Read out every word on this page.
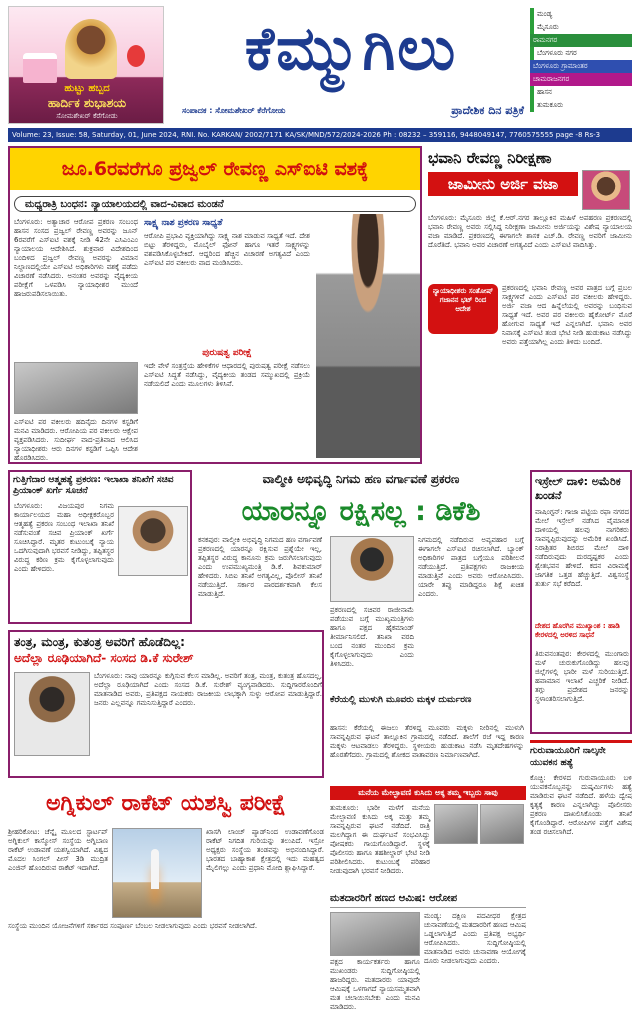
ಹುಟ್ಟು ಹಬ್ಬದ
ಹಾರ್ದಿಕ ಶುಭಾಶಯ
ಸೋಮಶೇಖರ್ ಕೆರೆಗೋಡು
ಕೆಮ್ಮುಗಿಲು
ಸಂಪಾದಕ : ಸೋಮಶೇಖರ್ ಕೆರೆಗೋಡು	ಪ್ರಾದೇಶಿಕ ದಿನ ಪತ್ರಿಕೆ
ಮಂಡ್ಯ
ಮೈಸೂರು
ರಾಮನಗರ
ಬೆಂಗಳೂರು ನಗರ
ಬೆಂಗಳೂರು ಗ್ರಾಮಾಂತರ
ಚಾಮರಾಜನಗರ
ಹಾಸನ
ತುಮಕೂರು
Volume: 23, Issue: 58, Saturday, 01, June 2024, RNI. No. KARKAN/ 2002/7171 KA/SK/MND/572/2024-2026 Ph : 08232 – 359116, 9448049147, 7760575555 page -8 Rs-3
ಜೂ.6ರವರೆಗೂ ಪ್ರಜ್ವಲ್ ರೇವಣ್ಣ ಎಸ್ಐಟಿ ವಶಕ್ಕೆ
ಮಧ್ಯರಾತ್ರಿ ಬಂಧನ: ನ್ಯಾಯಾಲಯದಲ್ಲಿ ವಾದ-ವಿವಾದ ಮಂಡನೆ
ಬೆಂಗಳೂರು: ಅತ್ಯಾಚಾರ ಆರೋಪ ಪ್ರಕರಣ ಸಂಬಂಧ ಹಾಸನ ಸಂಸದ ಪ್ರಜ್ವಲ್ ರೇವಣ್ಣ ಅವರನ್ನು ಜೂನ್ 6ರವರೆಗೆ ಎಸ್ಐಟಿ ವಶಕ್ಕೆ ನೀಡಿ 42ನೇ ಎಸಿಎಂಎಂ ನ್ಯಾಯಾಲಯ ಆದೇಶಿಸಿದೆ. ಶುಕ್ರವಾರ ವಿದೇಶದಿಂದ ಬಂದಿಳಿದ ಪ್ರಜ್ವಲ್ ರೇವಣ್ಣ ಅವರನ್ನು ವಿಮಾನ ನಿಲ್ದಾಣದಲ್ಲಿಯೇ ಎಸ್ಐಟಿ ಅಧಿಕಾರಿಗಳು ವಶಕ್ಕೆ ಪಡೆದು ವಿಚಾರಣೆ ನಡೆಸಿದರು. ಅನಂತರ ಅವರನ್ನು ವೈದ್ಯಕೀಯ ಪರೀಕ್ಷೆಗೆ ಒಳಪಡಿಸಿ ನ್ಯಾಯಾಧೀಶರ ಮುಂದೆ ಹಾಜರುಪಡಿಸಲಾಯಿತು.
ಎಸ್ಐಟಿ ಪರ ವಕೀಲರು ಹದಿನೈದು ದಿನಗಳ ಕಸ್ಟಡಿಗೆ ಮನವಿ ಮಾಡಿದರು. ಆರೋಪಿಯ ಪರ ವಕೀಲರು ಆಕ್ಷೇಪ ವ್ಯಕ್ತಪಡಿಸಿದರು. ಸುದೀರ್ಘ ವಾದ-ಪ್ರತಿವಾದ ಆಲಿಸಿದ ನ್ಯಾಯಾಧೀಶರು ಆರು ದಿನಗಳ ಕಸ್ಟಡಿಗೆ ಒಪ್ಪಿಸಿ ಆದೇಶ ಹೊರಡಿಸಿದರು.
ಸಾಕ್ಷ್ಯ ನಾಶ ಪ್ರಕರಣ ಸಾಧ್ಯತೆ
ಆರೋಪಿ ಪ್ರಭಾವಿ ವ್ಯಕ್ತಿಯಾಗಿದ್ದು ಸಾಕ್ಷ್ಯ ನಾಶ ಮಾಡುವ ಸಾಧ್ಯತೆ ಇದೆ. ದೇಶ ಬಿಟ್ಟು ತೆರಳಿದ್ದರು, ಮೊಬೈಲ್ ಫೋನ್ ಹಾಗೂ ಇತರೆ ಸಾಕ್ಷ್ಯಗಳನ್ನು ವಶಪಡಿಸಿಕೊಳ್ಳಬೇಕಿದೆ. ಆದ್ದರಿಂದ ಹೆಚ್ಚಿನ ವಿಚಾರಣೆ ಅಗತ್ಯವಿದೆ ಎಂದು ಎಸ್ಐಟಿ ಪರ ವಕೀಲರು ವಾದ ಮಂಡಿಸಿದರು.
ಪುರುಷತ್ವ ಪರೀಕ್ಷೆ
ಇದೇ ವೇಳೆ ಸಂತ್ರಸ್ತೆಯ ಹೇಳಿಕೆಗಳ ಆಧಾರದಲ್ಲಿ ಪುರುಷತ್ವ ಪರೀಕ್ಷೆ ನಡೆಸಲು ಎಸ್ಐಟಿ ಸಿದ್ಧತೆ ನಡೆಸಿದ್ದು, ವೈದ್ಯಕೀಯ ತಂಡದ ಸಮ್ಮುಖದಲ್ಲಿ ಪ್ರಕ್ರಿಯೆ ನಡೆಯಲಿದೆ ಎಂದು ಮೂಲಗಳು ತಿಳಿಸಿವೆ.
ಭವಾನಿ ರೇವಣ್ಣ ನಿರೀಕ್ಷಣಾ
ಜಾಮೀನು ಅರ್ಜಿ ವಜಾ
ಬೆಂಗಳೂರು: ಮೈಸೂರು ಜಿಲ್ಲೆ ಕೆ.ಆರ್.ನಗರ ತಾಲ್ಲೂಕಿನ ಮಹಿಳೆ ಅಪಹರಣ ಪ್ರಕರಣದಲ್ಲಿ ಭವಾನಿ ರೇವಣ್ಣ ಅವರು ಸಲ್ಲಿಸಿದ್ದ ನಿರೀಕ್ಷಣಾ ಜಾಮೀನು ಅರ್ಜಿಯನ್ನು ವಿಶೇಷ ನ್ಯಾಯಾಲಯ ವಜಾ ಮಾಡಿದೆ. ಪ್ರಕರಣದಲ್ಲಿ ಈಗಾಗಲೇ ಶಾಸಕ ಎಚ್.ಡಿ. ರೇವಣ್ಣ ಅವರಿಗೆ ಜಾಮೀನು ದೊರೆತಿದೆ. ಭವಾನಿ ಅವರ ವಿಚಾರಣೆ ಅಗತ್ಯವಿದೆ ಎಂದು ಎಸ್ಐಟಿ ವಾದಿಸಿತ್ತು.
ನ್ಯಾಯಾಧೀಶರು ಸಂತೋಷ್ ಗಜಾನನ ಭಟ್ ರಿಂದ ಆದೇಶ
ಪ್ರಕರಣದಲ್ಲಿ ಭವಾನಿ ರೇವಣ್ಣ ಅವರ ಪಾತ್ರದ ಬಗ್ಗೆ ಪ್ರಬಲ ಸಾಕ್ಷ್ಯಗಳಿವೆ ಎಂದು ಎಸ್ಐಟಿ ಪರ ವಕೀಲರು ಹೇಳಿದ್ದರು. ಅರ್ಜಿ ವಜಾ ಆದ ಹಿನ್ನೆಲೆಯಲ್ಲಿ ಅವರನ್ನು ಬಂಧಿಸುವ ಸಾಧ್ಯತೆ ಇದೆ. ಅವರ ಪರ ವಕೀಲರು ಹೈಕೋರ್ಟ್ ಮೊರೆ ಹೋಗುವ ಸಾಧ್ಯತೆ ಇದೆ ಎನ್ನಲಾಗಿದೆ. ಭವಾನಿ ಅವರ ನಿವಾಸಕ್ಕೆ ಎಸ್ಐಟಿ ತಂಡ ಭೇಟಿ ನೀಡಿ ಹುಡುಕಾಟ ನಡೆಸಿದ್ದು ಅವರು ಪತ್ತೆಯಾಗಿಲ್ಲ ಎಂದು ತಿಳಿದು ಬಂದಿದೆ.
ಗುತ್ತಿಗೆದಾರ ಆತ್ಮಹತ್ಯೆ ಪ್ರಕರಣ: ಇಲಾಖಾ ತನಿಖೆಗೆ ಸಚಿವ ಪ್ರಿಯಾಂಕ್ ಖರ್ಗೆ ಸೂಚನೆ
ಬೆಂಗಳೂರು: ವಿಜಯಪುರ ನಿಗಮ ಕಾರ್ಯಾಲಯದ ಮಹಾ ಅಧೀಕ್ಷಕರೊಬ್ಬರ ಆತ್ಮಹತ್ಯೆ ಪ್ರಕರಣ ಸಂಬಂಧ ಇಲಾಖಾ ತನಿಖೆ ನಡೆಸುವಂತೆ ಸಚಿವ ಪ್ರಿಯಾಂಕ್ ಖರ್ಗೆ ಸೂಚಿಸಿದ್ದಾರೆ. ಮೃತರ ಕುಟುಂಬಕ್ಕೆ ನ್ಯಾಯ ಒದಗಿಸುವುದಾಗಿ ಭರವಸೆ ನೀಡಿದ್ದು, ತಪ್ಪಿತಸ್ಥರ ವಿರುದ್ಧ ಕಠಿಣ ಕ್ರಮ ಕೈಗೊಳ್ಳಲಾಗುವುದು ಎಂದು ಹೇಳಿದರು.
ವಾಲ್ಮೀಕಿ ಅಭಿವೃದ್ಧಿ ನಿಗಮ ಹಣ ವರ್ಗಾವಣೆ ಪ್ರಕರಣ
ಯಾರನ್ನೂ ರಕ್ಷಿಸಲ್ಲ : ಡಿಕೆಶಿ
ಕನಕಪುರ: ವಾಲ್ಮೀಕಿ ಅಭಿವೃದ್ಧಿ ನಿಗಮದ ಹಣ ವರ್ಗಾವಣೆ ಪ್ರಕರಣದಲ್ಲಿ ಯಾರನ್ನೂ ರಕ್ಷಿಸುವ ಪ್ರಶ್ನೆಯೇ ಇಲ್ಲ, ತಪ್ಪಿತಸ್ಥರ ವಿರುದ್ಧ ಕಾನೂನು ಕ್ರಮ ಜರುಗಿಸಲಾಗುವುದು ಎಂದು ಉಪಮುಖ್ಯಮಂತ್ರಿ ಡಿ.ಕೆ. ಶಿವಕುಮಾರ್ ಹೇಳಿದರು. ಸಿಬಿಐ ತನಿಖೆ ಅಗತ್ಯವಿಲ್ಲ, ಪೊಲೀಸ್ ತನಿಖೆ ನಡೆಯುತ್ತಿದೆ. ಸರ್ಕಾರ ಪಾರದರ್ಶಕವಾಗಿ ಕೆಲಸ ಮಾಡುತ್ತಿದೆ.
ನಿಗಮದಲ್ಲಿ ನಡೆದಿರುವ ಅವ್ಯವಹಾರ ಬಗ್ಗೆ ಈಗಾಗಲೇ ಎಸ್ಐಟಿ ರಚಿಸಲಾಗಿದೆ. ಬ್ಯಾಂಕ್ ಅಧಿಕಾರಿಗಳ ಪಾತ್ರದ ಬಗ್ಗೆಯೂ ಪರಿಶೀಲನೆ ನಡೆಯುತ್ತಿದೆ. ಪ್ರತಿಪಕ್ಷಗಳು ರಾಜಕೀಯ ಮಾಡುತ್ತಿವೆ ಎಂದು ಅವರು ಆರೋಪಿಸಿದರು. ಯಾರೇ ತಪ್ಪು ಮಾಡಿದ್ದರೂ ಶಿಕ್ಷೆ ಖಚಿತ ಎಂದರು.
ಪ್ರಕರಣದಲ್ಲಿ ಸಚಿವರ ರಾಜೀನಾಮೆ ಪಡೆಯುವ ಬಗ್ಗೆ ಮುಖ್ಯಮಂತ್ರಿಗಳು ಹಾಗೂ ಪಕ್ಷದ ಹೈಕಮಾಂಡ್ ತೀರ್ಮಾನಿಸಲಿದೆ. ತನಿಖಾ ವರದಿ ಬಂದ ನಂತರ ಮುಂದಿನ ಕ್ರಮ ಕೈಗೊಳ್ಳಲಾಗುವುದು ಎಂದು ತಿಳಿಸಿದರು.
ಇಸ್ರೇಲ್ ದಾಳಿ: ಅಮೆರಿಕ ಖಂಡನೆ
ವಾಷಿಂಗ್ಟನ್: ಗಾಜಾ ಪಟ್ಟಿಯ ರಫಾ ನಗರದ ಮೇಲೆ ಇಸ್ರೇಲ್ ನಡೆಸಿದ ವೈಮಾನಿಕ ದಾಳಿಯಲ್ಲಿ ಹಲವು ನಾಗರಿಕರು ಸಾವನ್ನಪ್ಪಿರುವುದನ್ನು ಅಮೆರಿಕ ಖಂಡಿಸಿದೆ. ನಿರಾಶ್ರಿತರ ಶಿಬಿರದ ಮೇಲೆ ದಾಳಿ ನಡೆದಿರುವುದು ದುರದೃಷ್ಟಕರ ಎಂದು ಶ್ವೇತಭವನ ಹೇಳಿದೆ. ಕದನ ವಿರಾಮಕ್ಕೆ ಜಾಗತಿಕ ಒತ್ತಡ ಹೆಚ್ಚುತ್ತಿದೆ. ವಿಶ್ವಸಂಸ್ಥೆ ತುರ್ತು ಸಭೆ ಕರೆದಿದೆ.
ದೇಶದ ಹೊರಗಿನ ಮುಖ್ಯಾಂಶ : ಹಾಡಿ ಕೇರಳದಲ್ಲಿ ಅರಳಿದ ಸಾಧನೆ
ತಿರುವನಂತಪುರ: ಕೇರಳದಲ್ಲಿ ಮುಂಗಾರು ಮಳೆ ಚುರುಕುಗೊಂಡಿದ್ದು ಹಲವು ಜಿಲ್ಲೆಗಳಲ್ಲಿ ಭಾರೀ ಮಳೆ ಸುರಿಯುತ್ತಿದೆ. ಹವಾಮಾನ ಇಲಾಖೆ ಎಚ್ಚರಿಕೆ ನೀಡಿದೆ. ತಗ್ಗು ಪ್ರದೇಶದ ಜನರನ್ನು ಸ್ಥಳಾಂತರಿಸಲಾಗುತ್ತಿದೆ.
ತಂತ್ರ, ಮಂತ್ರ, ಕುತಂತ್ರ ಅವರಿಗೆ ಹೊಡೆದಿಲ್ಲ:
ಅದೆಲ್ಲಾ ರೂಢಿಯಾಗಿದೆ- ಸಂಸದ ಡಿ.ಕೆ ಸುರೇಶ್
ಬೆಂಗಳೂರು: ನಾವು ಯಾರನ್ನೂ ಕುಗ್ಗಿಸುವ ಕೆಲಸ ಮಾಡಿಲ್ಲ. ಅವರಿಗೆ ತಂತ್ರ, ಮಂತ್ರ, ಕುತಂತ್ರ ಹೊಸದಲ್ಲ, ಅದೆಲ್ಲಾ ರೂಢಿಯಾಗಿದೆ ಎಂದು ಸಂಸದ ಡಿ.ಕೆ. ಸುರೇಶ್ ವ್ಯಂಗ್ಯವಾಡಿದರು. ಸುದ್ದಿಗಾರರೊಂದಿಗೆ ಮಾತನಾಡಿದ ಅವರು, ಪ್ರತಿಪಕ್ಷದ ನಾಯಕರು ರಾಜಕೀಯ ಲಾಭಕ್ಕಾಗಿ ಸುಳ್ಳು ಆರೋಪ ಮಾಡುತ್ತಿದ್ದಾರೆ. ಜನರು ಎಲ್ಲವನ್ನೂ ಗಮನಿಸುತ್ತಿದ್ದಾರೆ ಎಂದರು.	ಕೆರೆಯಲ್ಲಿ ಮುಳುಗಿ ಮೂವರು ಮಕ್ಕಳ ದುರ್ಮರಣ
ಹಾಸನ: ಕೆರೆಯಲ್ಲಿ ಈಜಲು ತೆರಳಿದ್ದ ಮೂವರು ಮಕ್ಕಳು ನೀರಿನಲ್ಲಿ ಮುಳುಗಿ ಸಾವನ್ನಪ್ಪಿರುವ ಘಟನೆ ತಾಲ್ಲೂಕಿನ ಗ್ರಾಮದಲ್ಲಿ ನಡೆದಿದೆ. ಶಾಲೆಗೆ ರಜೆ ಇದ್ದ ಕಾರಣ ಮಕ್ಕಳು ಆಟವಾಡಲು ತೆರಳಿದ್ದರು. ಸ್ಥಳೀಯರು ಹುಡುಕಾಟ ನಡೆಸಿ ಮೃತದೇಹಗಳನ್ನು ಹೊರತೆಗೆದರು. ಗ್ರಾಮದಲ್ಲಿ ಶೋಕದ ವಾತಾವರಣ ನಿರ್ಮಾಣವಾಗಿದೆ.
ಮನೆಯ ಮೇಲ್ಛಾವಣಿ ಕುಸಿದು ಅಕ್ಕ ತಮ್ಮ ಇಬ್ಬರು ಸಾವು
ತುಮಕೂರು: ಭಾರೀ ಮಳೆಗೆ ಮನೆಯ ಮೇಲ್ಛಾವಣಿ ಕುಸಿದು ಅಕ್ಕ ಮತ್ತು ತಮ್ಮ ಸಾವನ್ನಪ್ಪಿರುವ ಘಟನೆ ನಡೆದಿದೆ. ರಾತ್ರಿ ಮಲಗಿದ್ದಾಗ ಈ ದುರ್ಘಟನೆ ಸಂಭವಿಸಿದ್ದು ಪೋಷಕರು ಗಾಯಗೊಂಡಿದ್ದಾರೆ. ಸ್ಥಳಕ್ಕೆ ಪೊಲೀಸರು ಹಾಗೂ ತಹಶೀಲ್ದಾರ್ ಭೇಟಿ ನೀಡಿ ಪರಿಶೀಲಿಸಿದರು. ಕುಟುಂಬಕ್ಕೆ ಪರಿಹಾರ ನೀಡುವುದಾಗಿ ಭರವಸೆ ನೀಡಿದರು.
ಗುರುವಾಯೂರಿಗೆ ನಾಲ್ಕನೇ ಯುವಕನ ಹತ್ಯೆ
ಕೊಚ್ಚಿ: ಕೇರಳದ ಗುರುವಾಯೂರು ಬಳಿ ಯುವಕನೊಬ್ಬನನ್ನು ದುಷ್ಕರ್ಮಿಗಳು ಹತ್ಯೆ ಮಾಡಿರುವ ಘಟನೆ ನಡೆದಿದೆ. ಹಳೆಯ ದ್ವೇಷ ಕೃತ್ಯಕ್ಕೆ ಕಾರಣ ಎನ್ನಲಾಗಿದ್ದು ಪೊಲೀಸರು ಪ್ರಕರಣ ದಾಖಲಿಸಿಕೊಂಡು ತನಿಖೆ ಕೈಗೊಂಡಿದ್ದಾರೆ. ಆರೋಪಿಗಳ ಪತ್ತೆಗೆ ವಿಶೇಷ ತಂಡ ರಚಿಸಲಾಗಿದೆ.
ಅಗ್ನಿಕುಲ್ ರಾಕೆಟ್ ಯಶಸ್ವಿ ಪರೀಕ್ಷೆ
ಶ್ರೀಹರಿಕೋಟ: ಚೆನ್ನೈ ಮೂಲದ ಸ್ಟಾರ್ಟಪ್ ಅಗ್ನಿಕುಲ್ ಕಾಸ್ಮೋಸ್ ಸಂಸ್ಥೆಯ ಅಗ್ನಿಬಾಣ ರಾಕೆಟ್ ಉಡಾವಣೆ ಯಶಸ್ವಿಯಾಗಿದೆ. ವಿಶ್ವದ ಮೊದಲ ಸಿಂಗಲ್ ಪೀಸ್ 3ಡಿ ಮುದ್ರಿತ ಎಂಜಿನ್ ಹೊಂದಿರುವ ರಾಕೆಟ್ ಇದಾಗಿದೆ.
ಖಾಸಗಿ ಲಾಂಚ್ ಪ್ಯಾಡ್‌ನಿಂದ ಉಡಾವಣೆಗೊಂಡ ರಾಕೆಟ್ ನಿಗದಿತ ಗುರಿಯನ್ನು ತಲುಪಿದೆ. ಇಸ್ರೋ ಅಧ್ಯಕ್ಷರು ಸಂಸ್ಥೆಯ ತಂಡವನ್ನು ಅಭಿನಂದಿಸಿದ್ದಾರೆ. ಭಾರತದ ಬಾಹ್ಯಾಕಾಶ ಕ್ಷೇತ್ರದಲ್ಲಿ ಇದು ಮಹತ್ವದ ಮೈಲಿಗಲ್ಲು ಎಂದು ಪ್ರಧಾನಿ ಮೋದಿ ಶ್ಲಾಘಿಸಿದ್ದಾರೆ.
ಸಂಸ್ಥೆಯ ಮುಂದಿನ ಯೋಜನೆಗಳಿಗೆ ಸರ್ಕಾರದ ಸಂಪೂರ್ಣ ಬೆಂಬಲ ನೀಡಲಾಗುವುದು ಎಂದು ಭರವಸೆ ನೀಡಲಾಗಿದೆ.
ಮತದಾರರಿಗೆ ಹಣದ ಆಮಿಷ: ಆರೋಪ
ಮಂಡ್ಯ: ದಕ್ಷಿಣ ಪದವೀಧರ ಕ್ಷೇತ್ರದ ಚುನಾವಣೆಯಲ್ಲಿ ಮತದಾರರಿಗೆ ಹಣದ ಆಮಿಷ ಒಡ್ಡಲಾಗುತ್ತಿದೆ ಎಂದು ಪ್ರತಿಪಕ್ಷ ಅಭ್ಯರ್ಥಿ ಆರೋಪಿಸಿದರು. ಸುದ್ದಿಗೋಷ್ಠಿಯಲ್ಲಿ ಮಾತನಾಡಿದ ಅವರು ಚುನಾವಣಾ ಆಯೋಗಕ್ಕೆ ದೂರು ನೀಡಲಾಗುವುದು ಎಂದರು.
ಪಕ್ಷದ ಕಾರ್ಯಕರ್ತರು ಹಾಗೂ ಮುಖಂಡರು ಸುದ್ದಿಗೋಷ್ಠಿಯಲ್ಲಿ ಹಾಜರಿದ್ದರು. ಮತದಾರರು ಯಾವುದೇ ಆಮಿಷಕ್ಕೆ ಒಳಗಾಗದೆ ನ್ಯಾಯಸಮ್ಮತವಾಗಿ ಮತ ಚಲಾಯಿಸಬೇಕು ಎಂದು ಮನವಿ ಮಾಡಿದರು.
